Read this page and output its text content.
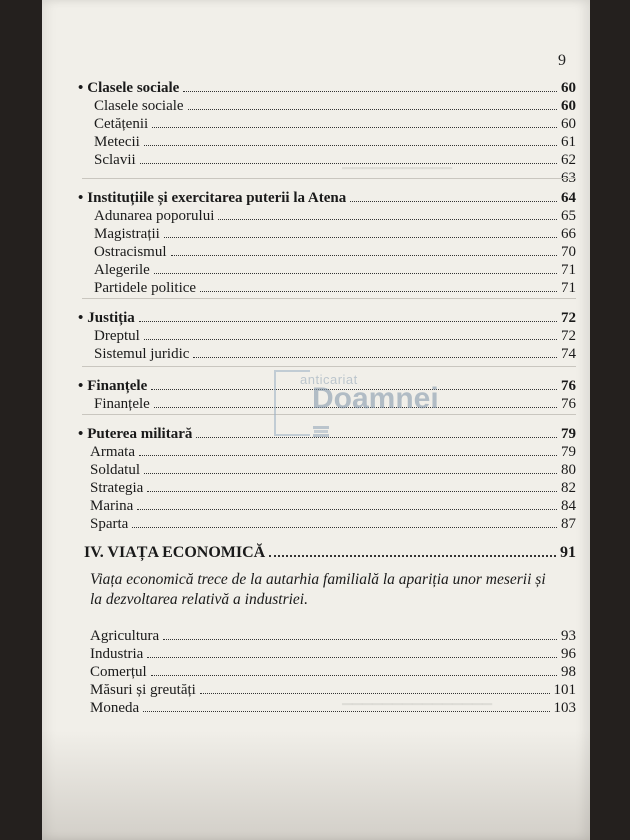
▁▁▁▁▁▁▁▁▁▁▁
▁▁▁▁▁▁▁▁▁▁▁▁▁▁▁
9
• Clasele sociale	60
Clasele sociale	60
Cetățenii	60
Metecii	61
Sclavii	62
63
• Instituțiile și exercitarea puterii la Atena	64
Adunarea poporului	65
Magistrații	66
Ostracismul	70
Alegerile	71
Partidele politice	71
• Justiția	72
Dreptul	72
Sistemul juridic	74
• Finanțele	76
Finanțele	76
• Puterea militară	79
Armata	79
Soldatul	80
Strategia	82
Marina	84
Sparta	87
IV. VIAȚA ECONOMICĂ	91
Viața economică trece de la autarhia familială la apariția unor meserii și la dezvoltarea relativă a industriei.
Agricultura	93
Industria	96
Comerțul	98
Măsuri și greutăți	101
Moneda	103
anticariat
Doamnei
